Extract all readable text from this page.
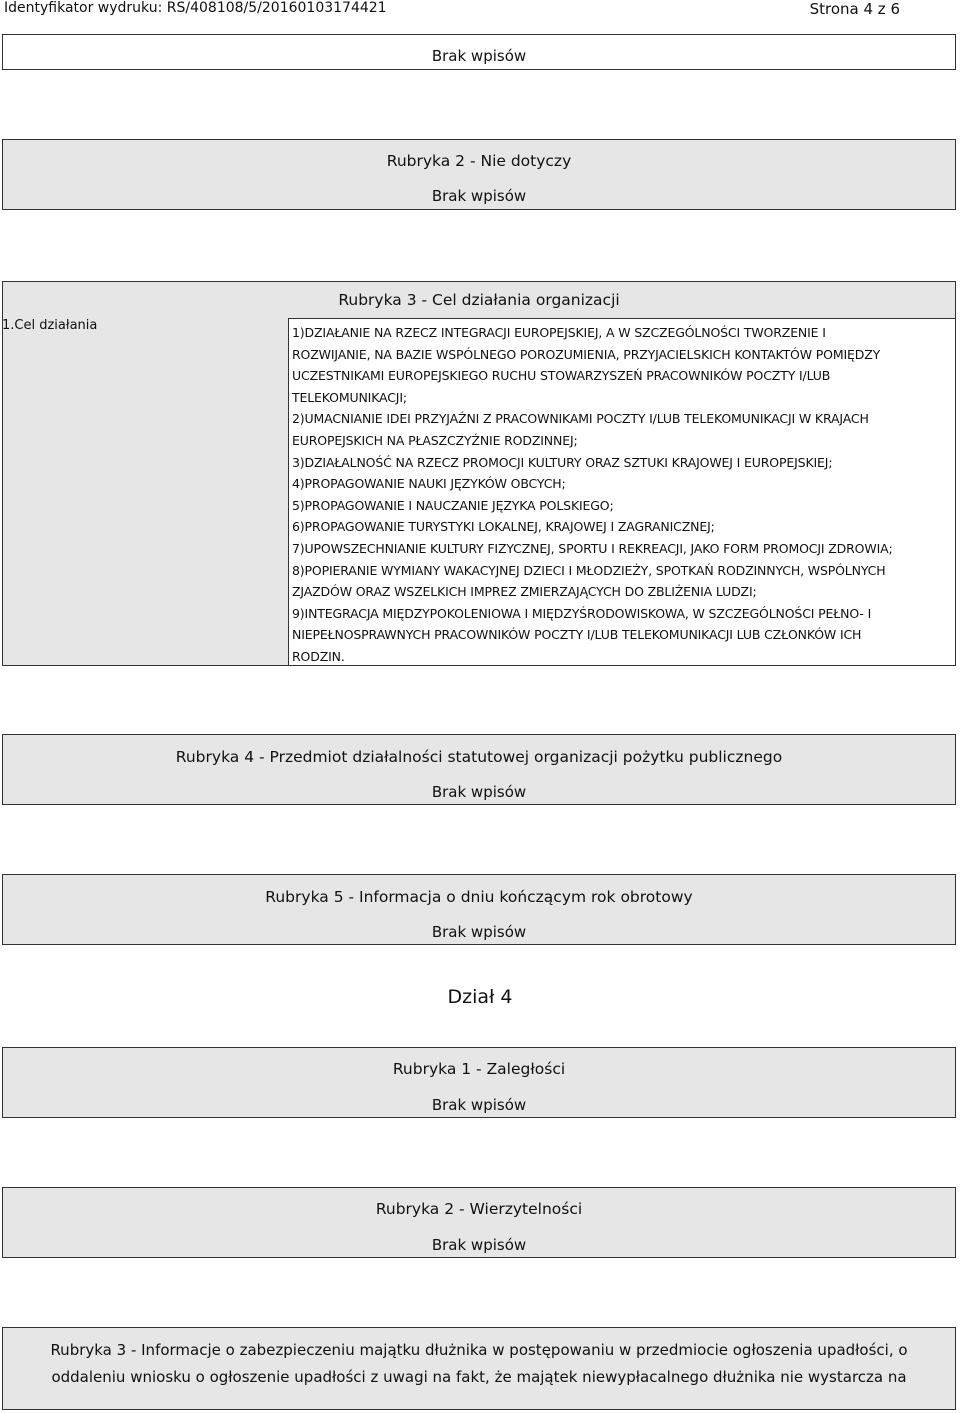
Identyfikator wydruku: RS/408108/5/20160103174421	Strona 4 z 6
Brak wpisów
Rubryka 2 - Nie dotyczy
Brak wpisów
Rubryka 3 - Cel działania organizacji
1.Cel działania	1)DZIAŁANIE NA RZECZ INTEGRACJI EUROPEJSKIEJ, A W SZCZEGÓLNOŚCI TWORZENIE I
ROZWIJANIE, NA BAZIE WSPÓLNEGO POROZUMIENIA, PRZYJACIELSKICH KONTAKTÓW POMIĘDZY
UCZESTNIKAMI EUROPEJSKIEGO RUCHU STOWARZYSZEŃ PRACOWNIKÓW POCZTY I/LUB
TELEKOMUNIKACJI;
2)UMACNIANIE IDEI PRZYJAŹNI Z PRACOWNIKAMI POCZTY I/LUB TELEKOMUNIKACJI W KRAJACH
EUROPEJSKICH NA PŁASZCZYŹNIE RODZINNEJ;
3)DZIAŁALNOŚĆ NA RZECZ PROMOCJI KULTURY ORAZ SZTUKI KRAJOWEJ I EUROPEJSKIEJ;
4)PROPAGOWANIE NAUKI JĘZYKÓW OBCYCH;
5)PROPAGOWANIE I NAUCZANIE JĘZYKA POLSKIEGO;
6)PROPAGOWANIE TURYSTYKI LOKALNEJ, KRAJOWEJ I ZAGRANICZNEJ;
7)UPOWSZECHNIANIE KULTURY FIZYCZNEJ, SPORTU I REKREACJI, JAKO FORM PROMOCJI ZDROWIA;
8)POPIERANIE WYMIANY WAKACYJNEJ DZIECI I MŁODZIEŻY, SPOTKAŃ RODZINNYCH, WSPÓLNYCH
ZJAZDÓW ORAZ WSZELKICH IMPREZ ZMIERZAJĄCYCH DO ZBLIŻENIA LUDZI;
9)INTEGRACJA MIĘDZYPOKOLENIOWA I MIĘDZYŚRODOWISKOWA, W SZCZEGÓLNOŚCI PEŁNO- I
NIEPEŁNOSPRAWNYCH PRACOWNIKÓW POCZTY I/LUB TELEKOMUNIKACJI LUB CZŁONKÓW ICH
RODZIN.
Rubryka 4 - Przedmiot działalności statutowej organizacji pożytku publicznego
Brak wpisów
Rubryka 5 - Informacja o dniu kończącym rok obrotowy
Brak wpisów
Dział 4
Rubryka 1 - Zaległości
Brak wpisów
Rubryka 2 - Wierzytelności
Brak wpisów
Rubryka 3 - Informacje o zabezpieczeniu majątku dłużnika w postępowaniu w przedmiocie ogłoszenia upadłości, o
oddaleniu wniosku o ogłoszenie upadłości z uwagi na fakt, że majątek niewypłacalnego dłużnika nie wystarcza na
